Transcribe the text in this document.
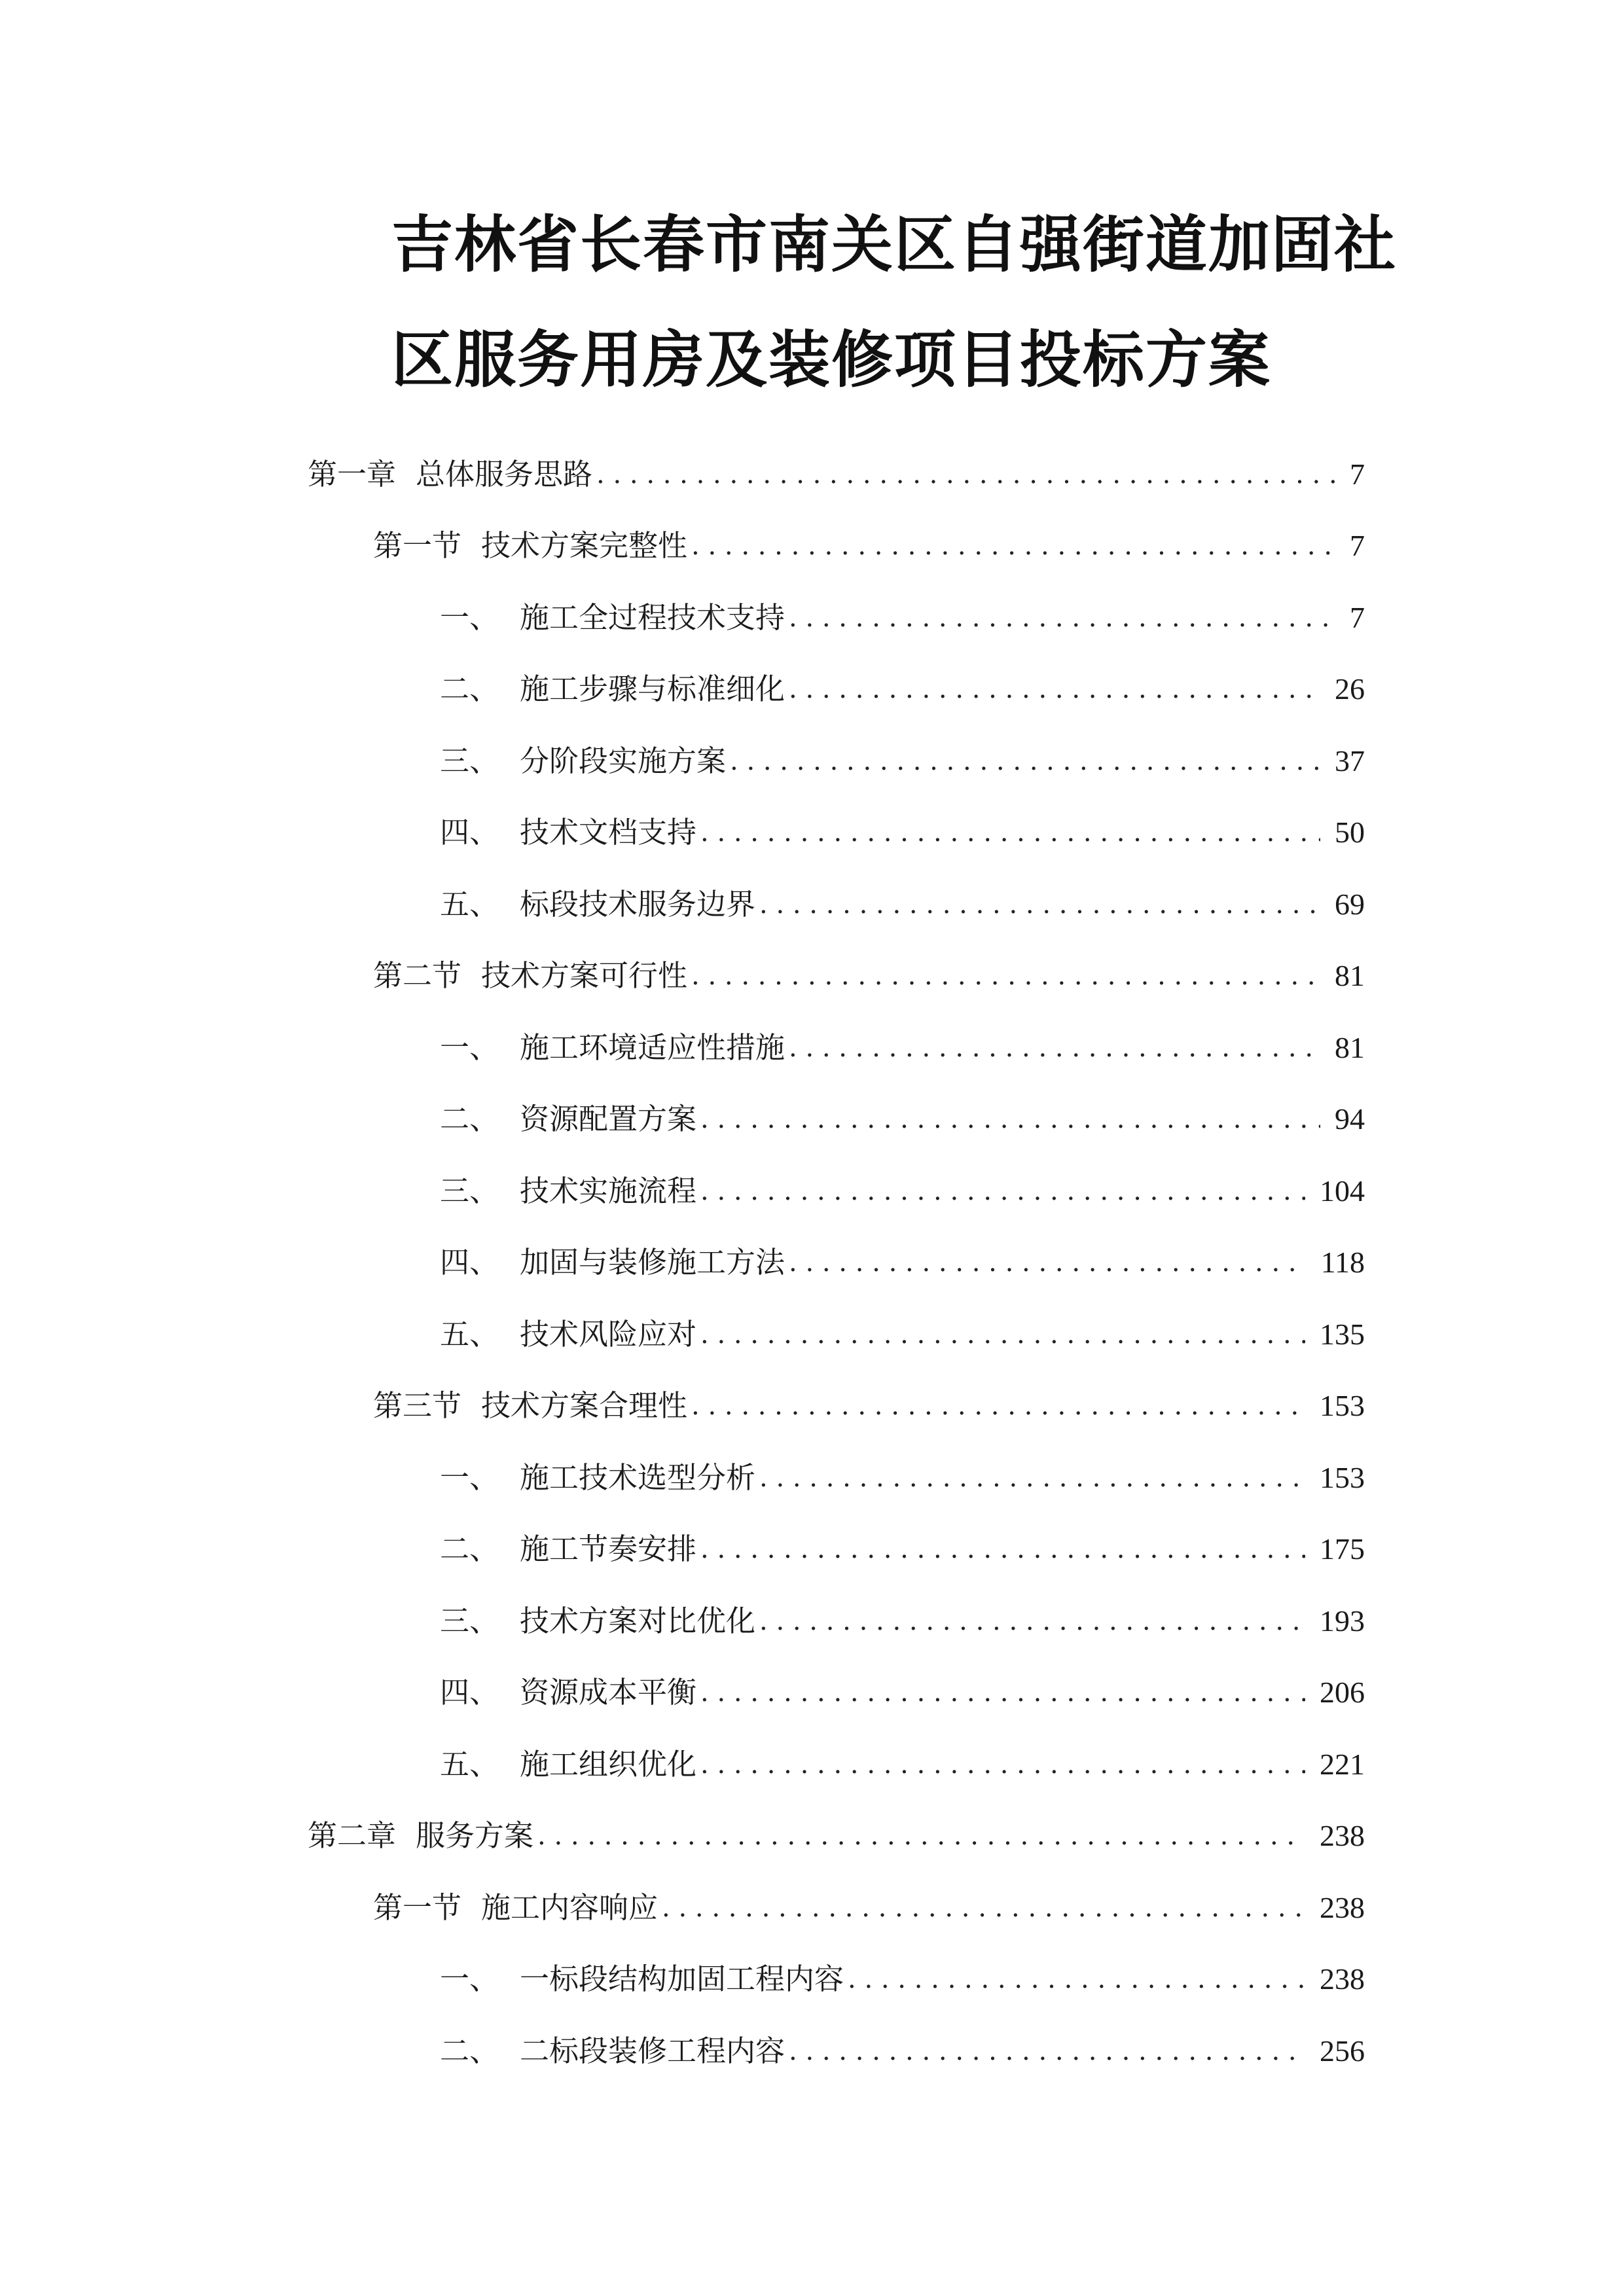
吉林省长春市南关区自强街道加固社
区服务用房及装修项目投标方案
第一章 总体服务思路 . . .	7
第一节 技术方案完整性 . . .	7
一、 施工全过程技术支持 . . .	7
二、 施工步骤与标准细化 . . .	26
三、 分阶段实施方案 . . .	37
四、 技术文档支持 . . .	50
五、 标段技术服务边界 . . .	69
第二节 技术方案可行性 . . .	81
一、 施工环境适应性措施 . . .	81
二、 资源配置方案 . . .	94
三、 技术实施流程 . . .	104
四、 加固与装修施工方法 . . .	118
五、 技术风险应对 . . .	135
第三节 技术方案合理性 . . .	153
一、 施工技术选型分析 . . .	153
二、 施工节奏安排 . . .	175
三、 技术方案对比优化 . . .	193
四、 资源成本平衡 . . .	206
五、 施工组织优化 . . .	221
第二章 服务方案 . . .	238
第一节 施工内容响应 . . .	238
一、 一标段结构加固工程内容 . . .	238
二、 二标段装修工程内容 . . .	256
